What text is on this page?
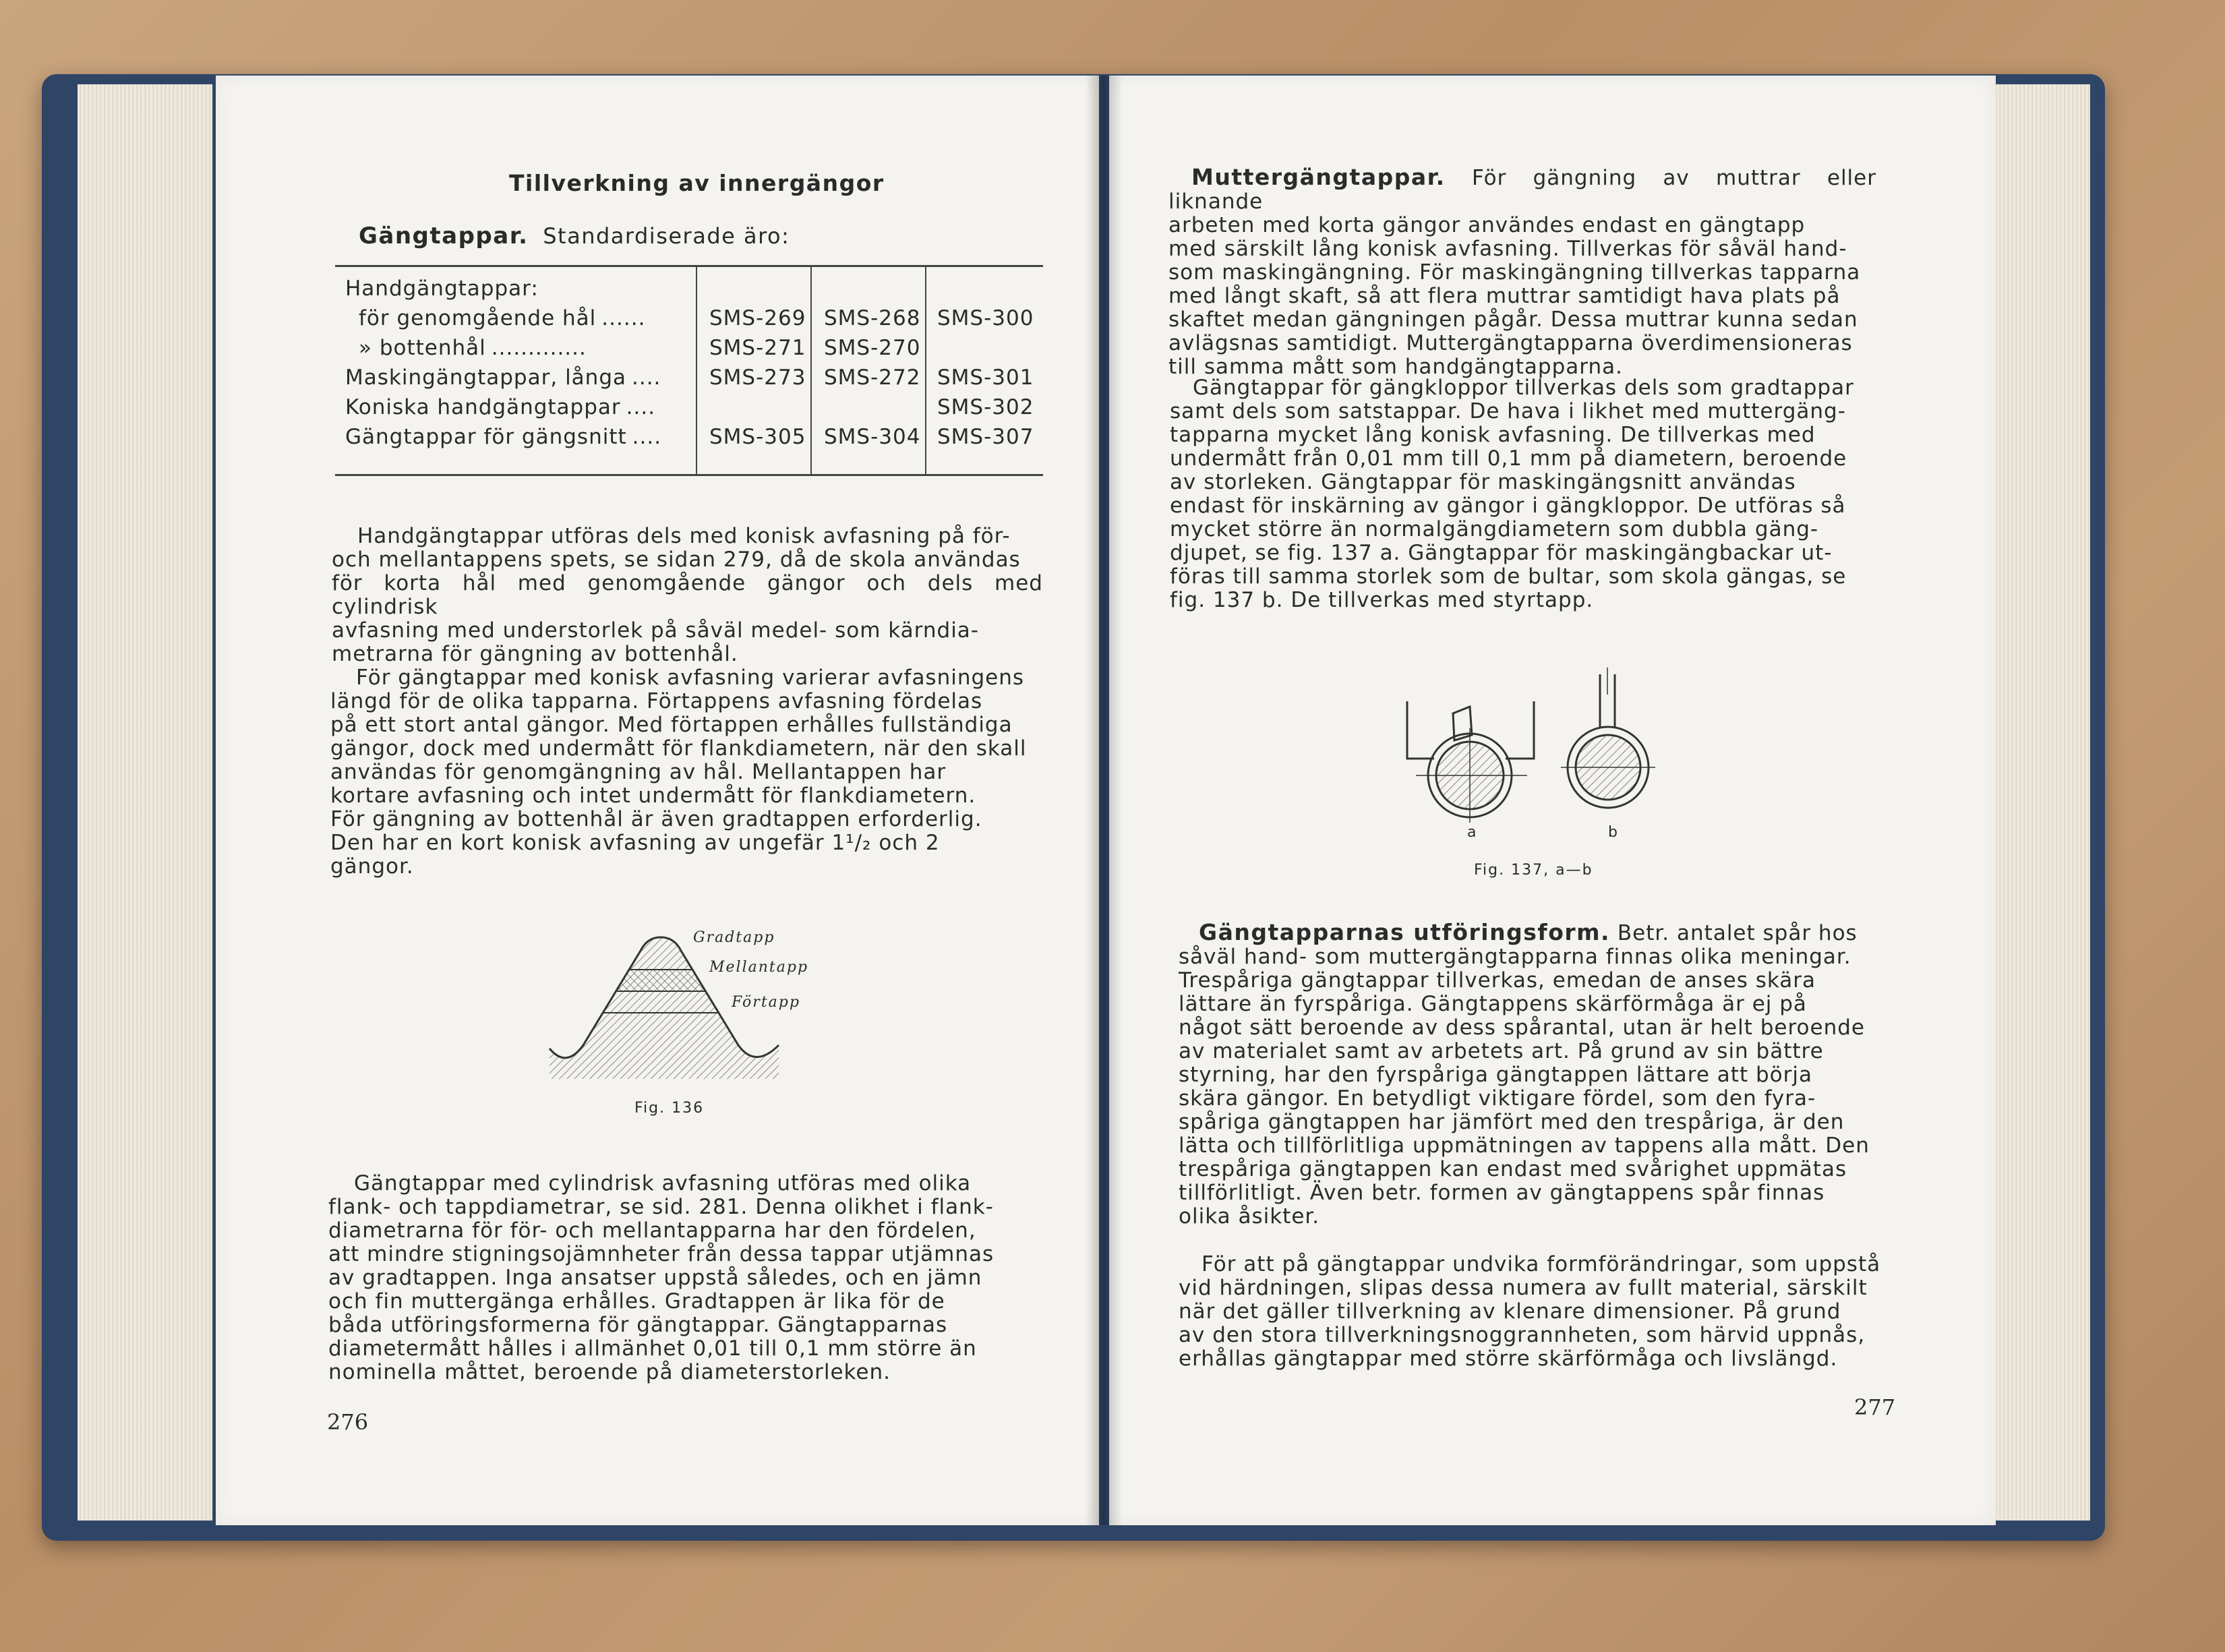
Tillverkning av innergängor
Gängtappar. Standardiserade äro:
Handgängtappar:
SMS-269 SMS-268 SMS-300
för genomgående hål ......
SMS-271 SMS-270
» bottenhål .............
SMS-273 SMS-272 SMS-301
Maskingängtappar, långa ....
SMS-302
Koniska handgängtappar ....
SMS-305 SMS-304 SMS-307
Gängtappar för gängsnitt ....
Handgängtappar utföras dels med konisk avfasning på för-
och mellantappens spets, se sidan 279, då de skola användas
för korta hål med genomgående gängor och dels med cylindrisk
avfasning med understorlek på såväl medel- som kärndia-
metrarna för gängning av bottenhål.
För gängtappar med konisk avfasning varierar avfasningens
längd för de olika tapparna. Förtappens avfasning fördelas
på ett stort antal gängor. Med förtappen erhålles fullständiga
gängor, dock med undermått för flankdiametern, när den skall
användas för genomgängning av hål. Mellantappen har
kortare avfasning och intet undermått för flankdiametern.
För gängning av bottenhål är även gradtappen erforderlig.
Den har en kort konisk avfasning av ungefär 1¹/₂ och 2
gängor.
Gradtapp
Mellantapp
Förtapp
Fig. 136
Gängtappar med cylindrisk avfasning utföras med olika
flank- och tappdiametrar, se sid. 281. Denna olikhet i flank-
diametrarna för för- och mellantapparna har den fördelen,
att mindre stigningsojämnheter från dessa tappar utjämnas
av gradtappen. Inga ansatser uppstå således, och en jämn
och fin muttergänga erhålles. Gradtappen är lika för de
båda utföringsformerna för gängtappar. Gängtapparnas
diametermått hålles i allmänhet 0,01 till 0,1 mm större än
nominella måttet, beroende på diameterstorleken.
276
Muttergängtappar. För gängning av muttrar eller liknande
arbeten med korta gängor användes endast en gängtapp
med särskilt lång konisk avfasning. Tillverkas för såväl hand-
som maskingängning. För maskingängning tillverkas tapparna
med långt skaft, så att flera muttrar samtidigt hava plats på
skaftet medan gängningen pågår. Dessa muttrar kunna sedan
avlägsnas samtidigt. Muttergängtapparna överdimensioneras
till samma mått som handgängtapparna.
Gängtappar för gängkloppor tillverkas dels som gradtappar
samt dels som satstappar. De hava i likhet med muttergäng-
tapparna mycket lång konisk avfasning. De tillverkas med
undermått från 0,01 mm till 0,1 mm på diametern, beroende
av storleken. Gängtappar för maskingängsnitt användas
endast för inskärning av gängor i gängkloppor. De utföras så
mycket större än normalgängdiametern som dubbla gäng-
djupet, se fig. 137 a. Gängtappar för maskingängbackar ut-
föras till samma storlek som de bultar, som skola gängas, se
fig. 137 b. De tillverkas med styrtapp.
a	b
Fig. 137, a—b
Gängtapparnas utföringsform. Betr. antalet spår hos
såväl hand- som muttergängtapparna finnas olika meningar.
Trespåriga gängtappar tillverkas, emedan de anses skära
lättare än fyrspåriga. Gängtappens skärförmåga är ej på
något sätt beroende av dess spårantal, utan är helt beroende
av materialet samt av arbetets art. På grund av sin bättre
styrning, har den fyrspåriga gängtappen lättare att börja
skära gängor. En betydligt viktigare fördel, som den fyra-
spåriga gängtappen har jämfört med den trespåriga, är den
lätta och tillförlitliga uppmätningen av tappens alla mått. Den
trespåriga gängtappen kan endast med svårighet uppmätas
tillförlitligt. Även betr. formen av gängtappens spår finnas
olika åsikter.
För att på gängtappar undvika formförändringar, som uppstå
vid härdningen, slipas dessa numera av fullt material, särskilt
när det gäller tillverkning av klenare dimensioner. På grund
av den stora tillverkningsnoggrannheten, som härvid uppnås,
erhållas gängtappar med större skärförmåga och livslängd.
277
